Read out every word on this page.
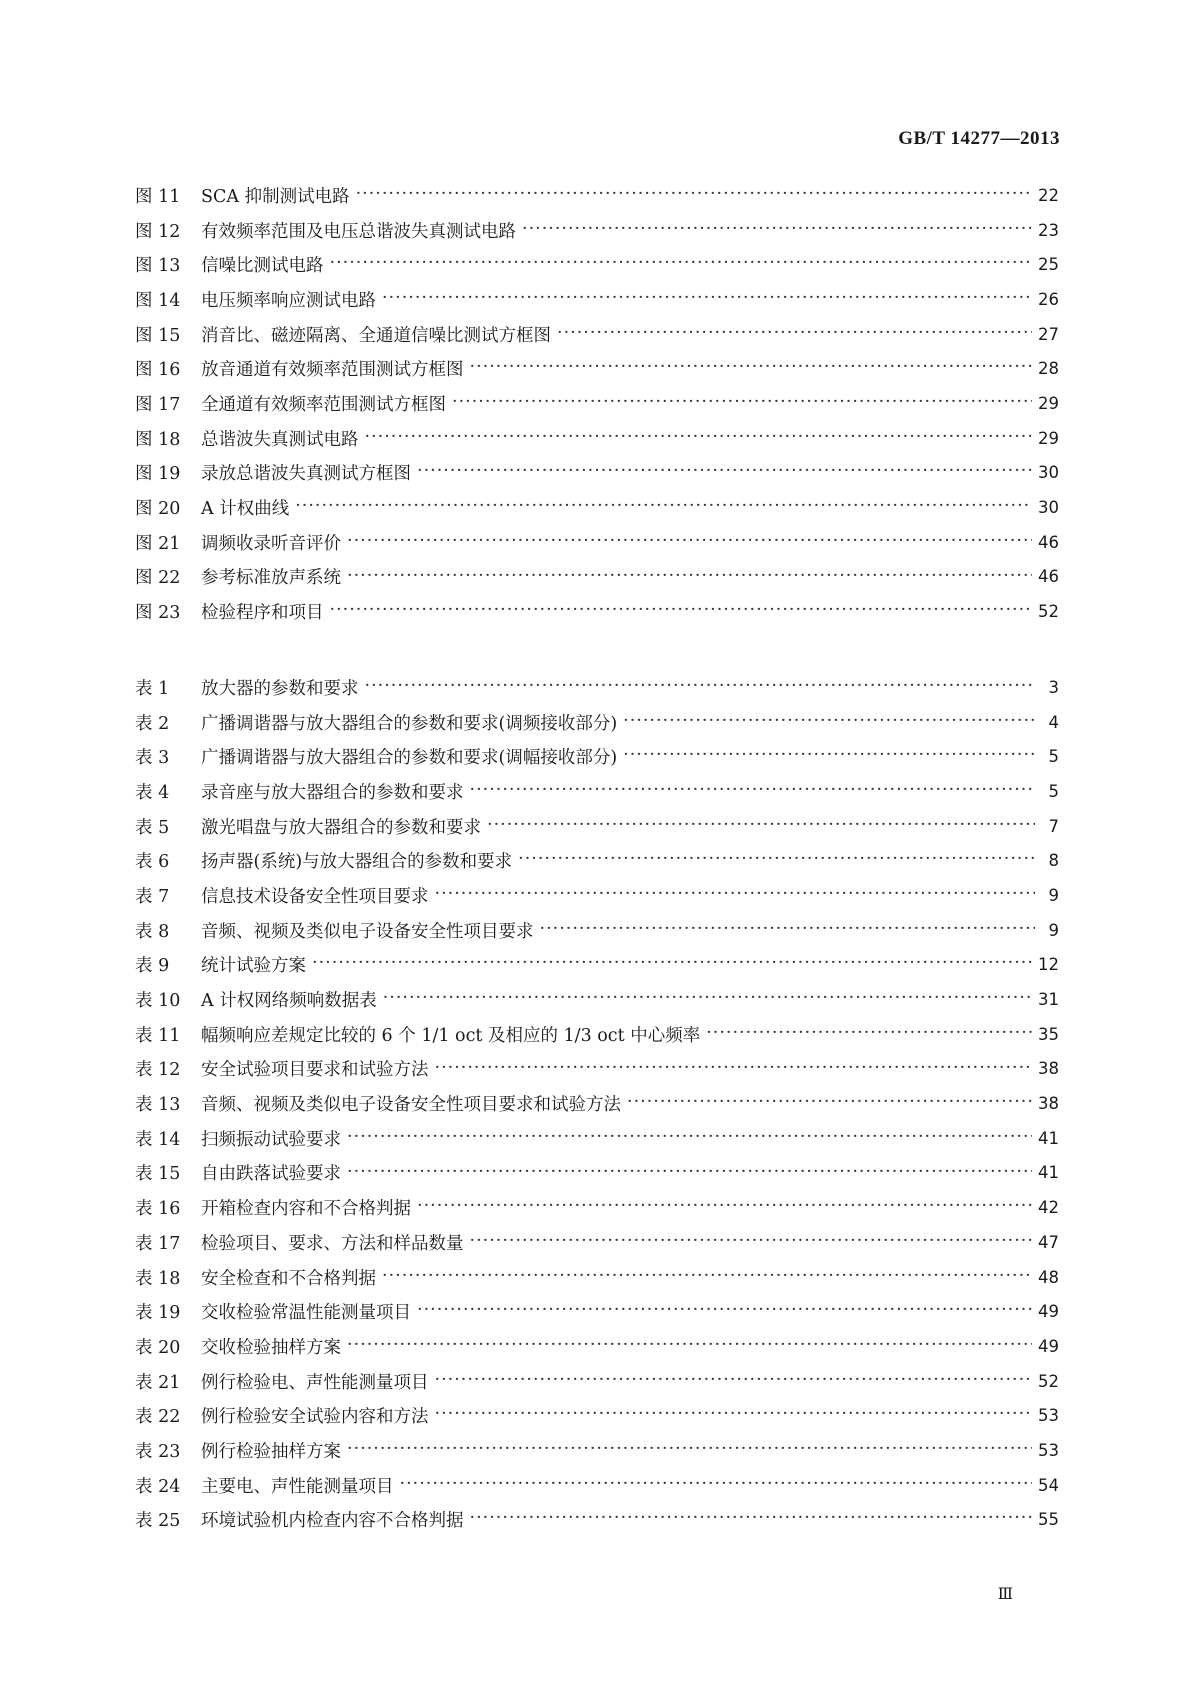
GB/T 14277—2013
图 11	SCA 抑制测试电路 ·····	22
图 12	有效频率范围及电压总谐波失真测试电路 ·····	23
图 13	信噪比测试电路 ·····	25
图 14	电压频率响应测试电路 ·····	26
图 15	消音比、磁迹隔离、全通道信噪比测试方框图 ·····	27
图 16	放音通道有效频率范围测试方框图 ·····	28
图 17	全通道有效频率范围测试方框图 ·····	29
图 18	总谐波失真测试电路 ·····	29
图 19	录放总谐波失真测试方框图 ·····	30
图 20	A 计权曲线 ·····	30
图 21	调频收录听音评价 ·····	46
图 22	参考标准放声系统 ·····	46
图 23	检验程序和项目 ·····	52
表 1	放大器的参数和要求 ·····	3
表 2	广播调谐器与放大器组合的参数和要求(调频接收部分) ·····	4
表 3	广播调谐器与放大器组合的参数和要求(调幅接收部分) ·····	5
表 4	录音座与放大器组合的参数和要求 ·····	5
表 5	激光唱盘与放大器组合的参数和要求 ·····	7
表 6	扬声器(系统)与放大器组合的参数和要求 ·····	8
表 7	信息技术设备安全性项目要求 ·····	9
表 8	音频、视频及类似电子设备安全性项目要求 ·····	9
表 9	统计试验方案 ·····	12
表 10	A 计权网络频响数据表 ·····	31
表 11	幅频响应差规定比较的 6 个 1/1 oct 及相应的 1/3 oct 中心频率 ·····	35
表 12	安全试验项目要求和试验方法 ·····	38
表 13	音频、视频及类似电子设备安全性项目要求和试验方法 ·····	38
表 14	扫频振动试验要求 ·····	41
表 15	自由跌落试验要求 ·····	41
表 16	开箱检查内容和不合格判据 ·····	42
表 17	检验项目、要求、方法和样品数量 ·····	47
表 18	安全检查和不合格判据 ·····	48
表 19	交收检验常温性能测量项目 ·····	49
表 20	交收检验抽样方案 ·····	49
表 21	例行检验电、声性能测量项目 ·····	52
表 22	例行检验安全试验内容和方法 ·····	53
表 23	例行检验抽样方案 ·····	53
表 24	主要电、声性能测量项目 ·····	54
表 25	环境试验机内检查内容不合格判据 ·····	55
Ⅲ
